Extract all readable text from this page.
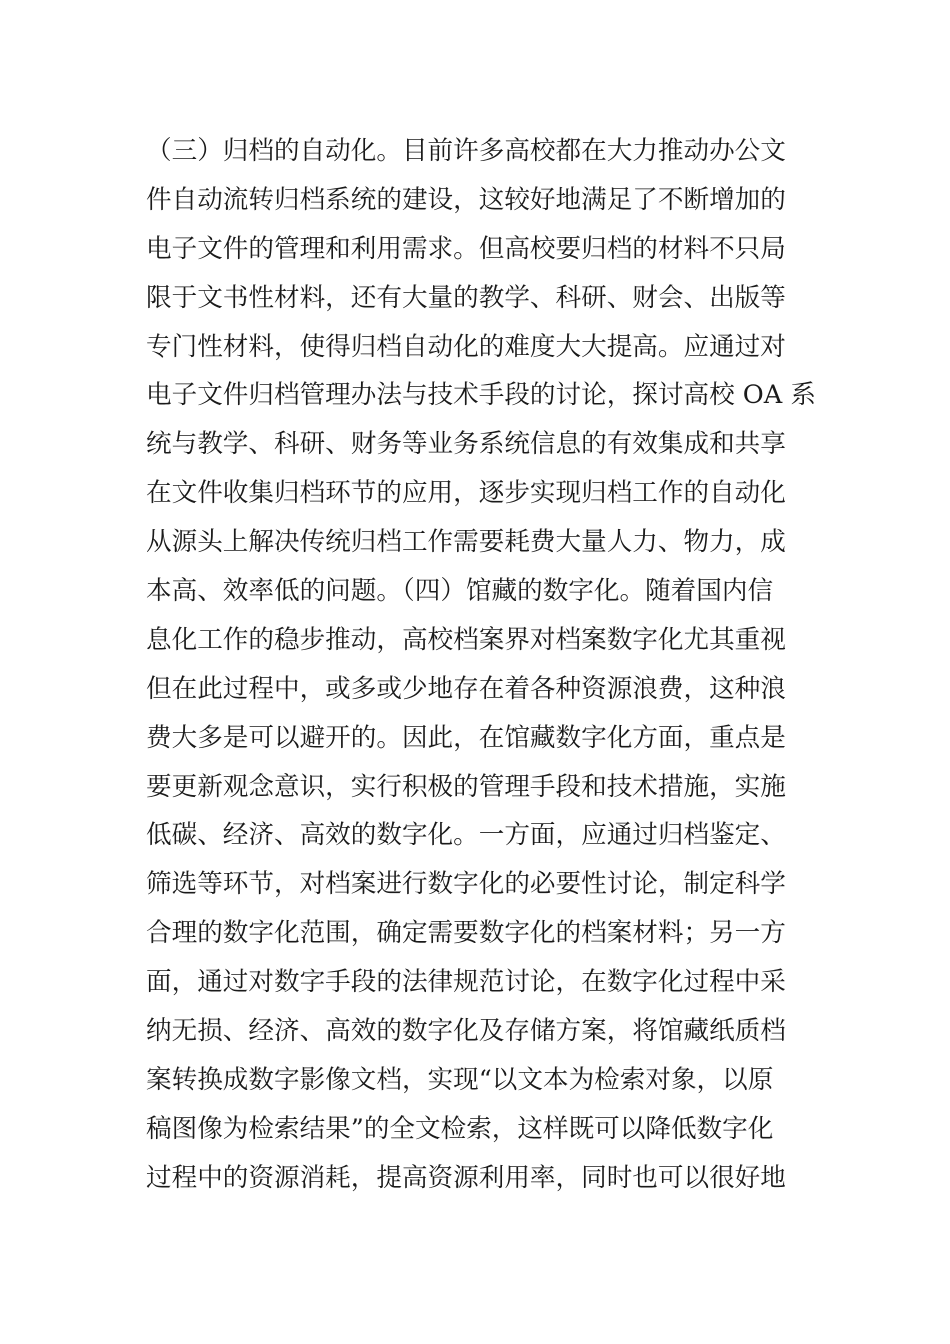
（三）归档的自动化。目前许多高校都在大力推动办公文
件自动流转归档系统的建设，这较好地满足了不断增加的
电子文件的管理和利用需求。但高校要归档的材料不只局
限于文书性材料，还有大量的教学、科研、财会、出版等
专门性材料，使得归档自动化的难度大大提高。应通过对
电子文件归档管理办法与技术手段的讨论，探讨高校 OA 系
统与教学、科研、财务等业务系统信息的有效集成和共享
在文件收集归档环节的应用，逐步实现归档工作的自动化
从源头上解决传统归档工作需要耗费大量人力、物力，成
本高、效率低的问题。（四）馆藏的数字化。随着国内信
息化工作的稳步推动，高校档案界对档案数字化尤其重视
但在此过程中，或多或少地存在着各种资源浪费，这种浪
费大多是可以避开的。因此，在馆藏数字化方面，重点是
要更新观念意识，实行积极的管理手段和技术措施，实施
低碳、经济、高效的数字化。一方面，应通过归档鉴定、
筛选等环节，对档案进行数字化的必要性讨论，制定科学
合理的数字化范围，确定需要数字化的档案材料；另一方
面，通过对数字手段的法律规范讨论，在数字化过程中采
纳无损、经济、高效的数字化及存储方案，将馆藏纸质档
案转换成数字影像文档，实现“以文本为检索对象，以原
稿图像为检索结果”的全文检索，这样既可以降低数字化
过程中的资源消耗，提高资源利用率，同时也可以很好地
